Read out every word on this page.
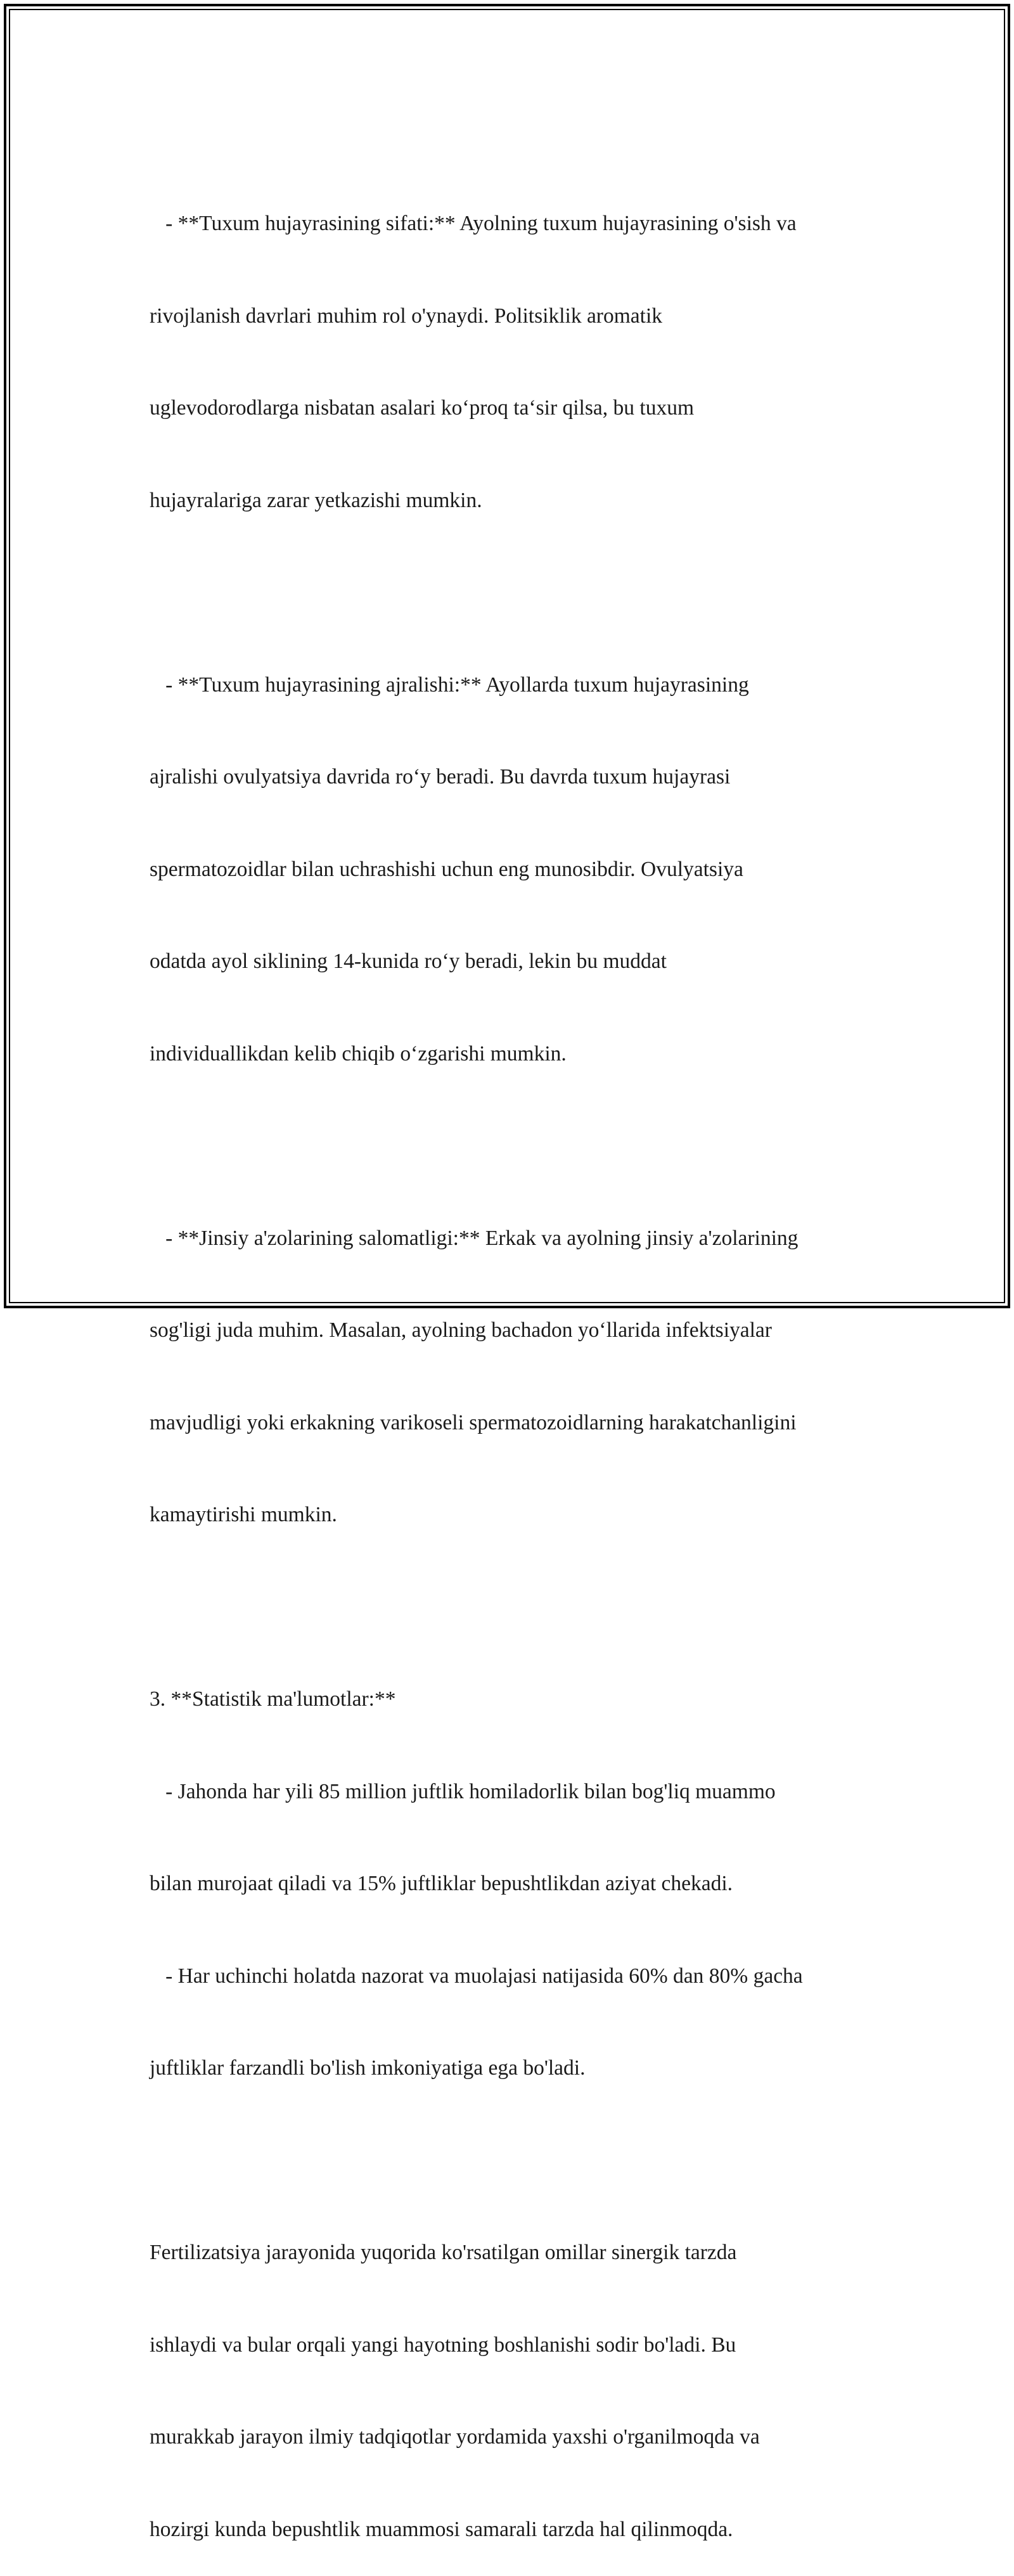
- **Tuxum hujayrasining sifati:** Ayolning tuxum hujayrasining o'sish va

rivojlanish davrlari muhim rol o'ynaydi. Politsiklik aromatik

uglevodorodlarga nisbatan asalari ko‘proq ta‘sir qilsa, bu tuxum

hujayralariga zarar yetkazishi mumkin.

- **Tuxum hujayrasining ajralishi:** Ayollarda tuxum hujayrasining

ajralishi ovulyatsiya davrida ro‘y beradi. Bu davrda tuxum hujayrasi

spermatozoidlar bilan uchrashishi uchun eng munosibdir. Ovulyatsiya

odatda ayol siklining 14-kunida ro‘y beradi, lekin bu muddat

individuallikdan kelib chiqib o‘zgarishi mumkin.

- **Jinsiy a'zolarining salomatligi:** Erkak va ayolning jinsiy a'zolarining

sog'ligi juda muhim. Masalan, ayolning bachadon yo‘llarida infektsiyalar

mavjudligi yoki erkakning varikoseli spermatozoidlarning harakatchanligini

kamaytirishi mumkin.

3. **Statistik ma'lumotlar:**

- Jahonda har yili 85 million juftlik homiladorlik bilan bog'liq muammo

bilan murojaat qiladi va 15% juftliklar bepushtlikdan aziyat chekadi.

- Har uchinchi holatda nazorat va muolajasi natijasida 60% dan 80% gacha

juftliklar farzandli bo'lish imkoniyatiga ega bo'ladi.

Fertilizatsiya jarayonida yuqorida ko'rsatilgan omillar sinergik tarzda

ishlaydi va bular orqali yangi hayotning boshlanishi sodir bo'ladi. Bu

murakkab jarayon ilmiy tadqiqotlar yordamida yaxshi o'rganilmoqda va

hozirgi kunda bepushtlik muammosi samarali tarzda hal qilinmoqda.
